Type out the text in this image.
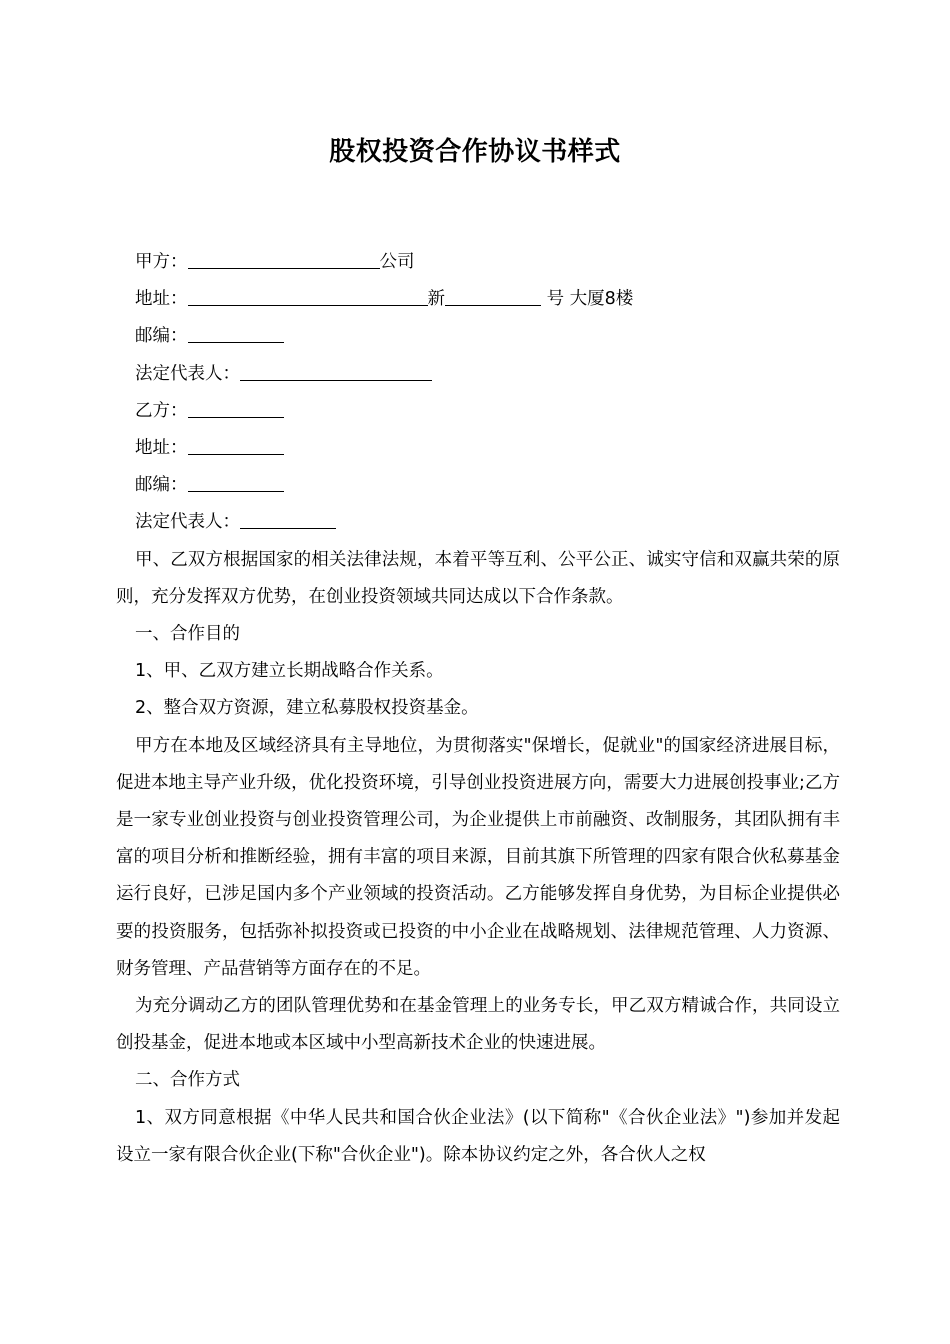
股权投资合作协议书样式

甲方：	公司

地址：	新	号 大厦8楼

邮编：

法定代表人：

乙方：

地址：

邮编：

法定代表人：

甲、乙双方根据国家的相关法律法规，本着平等互利、公平公正、诚实守信和双赢共荣的原则，充分发挥双方优势，在创业投资领域共同达成以下合作条款。

一、合作目的

1、甲、乙双方建立长期战略合作关系。

2、整合双方资源，建立私募股权投资基金。

甲方在本地及区域经济具有主导地位，为贯彻落实"保增长，促就业"的国家经济进展目标，促进本地主导产业升级，优化投资环境，引导创业投资进展方向，需要大力进展创投事业;乙方是一家专业创业投资与创业投资管理公司，为企业提供上市前融资、改制服务，其团队拥有丰富的项目分析和推断经验，拥有丰富的项目来源，目前其旗下所管理的四家有限合伙私募基金运行良好，已涉足国内多个产业领域的投资活动。乙方能够发挥自身优势，为目标企业提供必要的投资服务，包括弥补拟投资或已投资的中小企业在战略规划、法律规范管理、人力资源、财务管理、产品营销等方面存在的不足。

为充分调动乙方的团队管理优势和在基金管理上的业务专长，甲乙双方精诚合作，共同设立创投基金，促进本地或本区域中小型高新技术企业的快速进展。

二、合作方式

1、双方同意根据《中华人民共和国合伙企业法》(以下简称"《合伙企业法》")参加并发起设立一家有限合伙企业(下称"合伙企业")。除本协议约定之外，各合伙人之权
